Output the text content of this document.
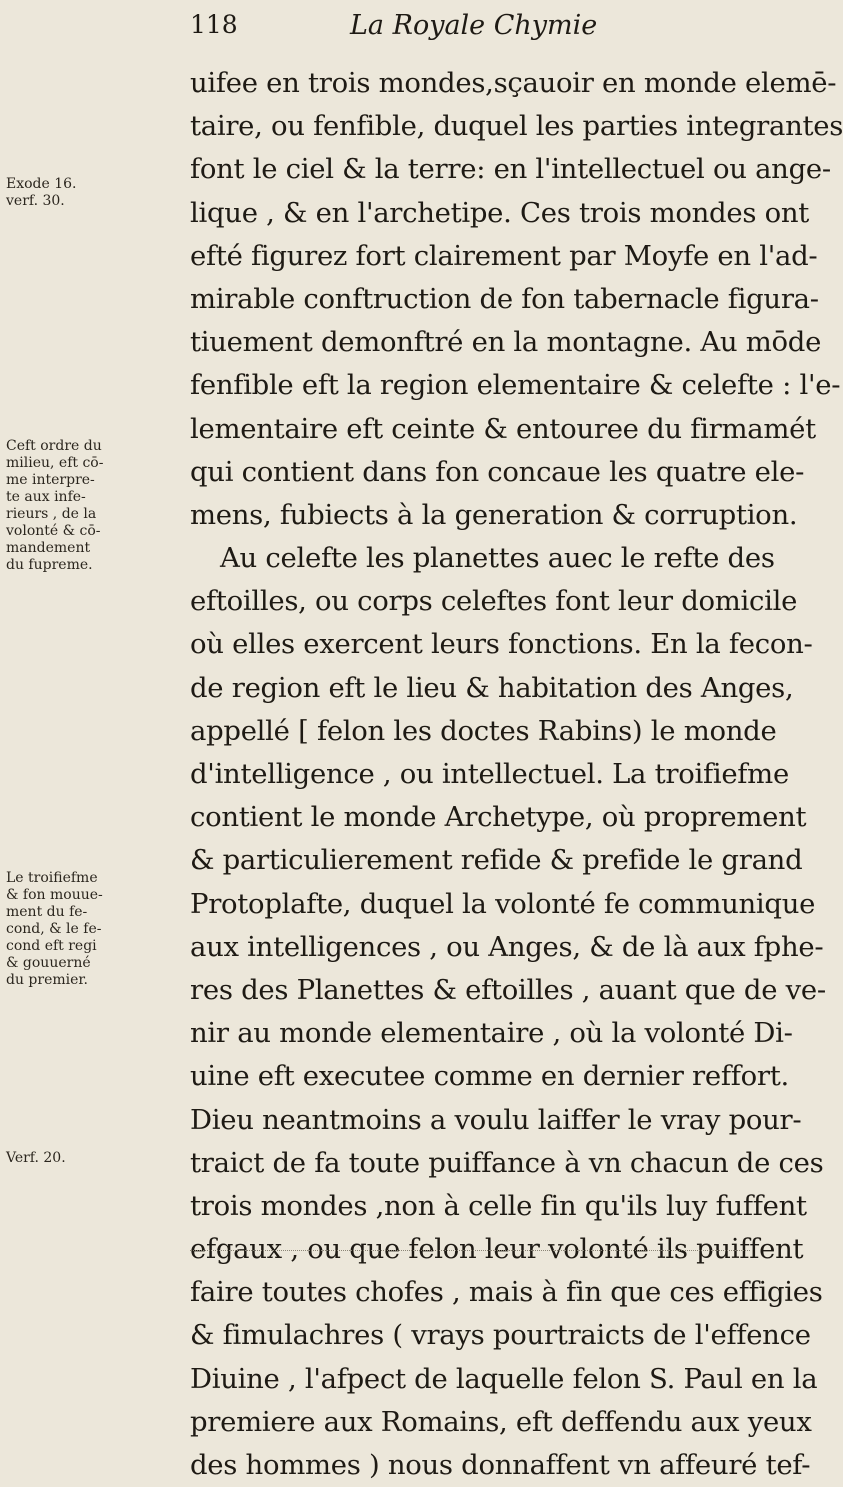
118	La Royale Chymie
Exode 16.
verf. 30.
Ceft ordre du
milieu, eft cō-
me interpre-
te aux infe-
rieurs , de la
volonté & cō-
mandement
du fupreme.
Le troifiefme
& fon mouue-
ment du fe-
cond, & le fe-
cond eft regi
& gouuerné
du premier.
Verf. 20.
uifee en trois mondes,sçauoir en monde elemē-
taire, ou fenfible, duquel les parties integrantes
font le ciel & la terre: en l'intellectuel ou ange-
lique , & en l'archetipe. Ces trois mondes ont
efté figurez fort clairement par Moyfe en l'ad-
mirable conftruction de fon tabernacle figura-
tiuement demonftré en la montagne. Au mōde
fenfible eft la region elementaire & celefte : l'e-
lementaire eft ceinte & entouree du firmamét
qui contient dans fon concaue les quatre ele-
mens, fubiects à la generation & corruption.
Au celefte les planettes auec le refte des
eftoilles, ou corps celeftes font leur domicile
où elles exercent leurs fonctions. En la fecon-
de region eft le lieu & habitation des Anges,
appellé [ felon les doctes Rabins) le monde
d'intelligence , ou intellectuel. La troifiefme
contient le monde Archetype, où proprement
& particulierement refide & prefide le grand
Protoplafte, duquel la volonté fe communique
aux intelligences , ou Anges, & de là aux fphe-
res des Planettes & eftoilles , auant que de ve-
nir au monde elementaire , où la volonté Di-
uine eft executee comme en dernier reffort.
Dieu neantmoins a voulu laiffer le vray pour-
traict de fa toute puiffance à vn chacun de ces
trois mondes ,non à celle fin qu'ils luy fuffent
efgaux , ou que felon leur volonté ils puiffent
faire toutes chofes , mais à fin que ces effigies
& fimulachres ( vrays pourtraicts de l'effence
Diuine , l'afpect de laquelle felon S. Paul en la
premiere aux Romains, eft deffendu aux yeux
des hommes ) nous donnaffent vn affeuré tef-
